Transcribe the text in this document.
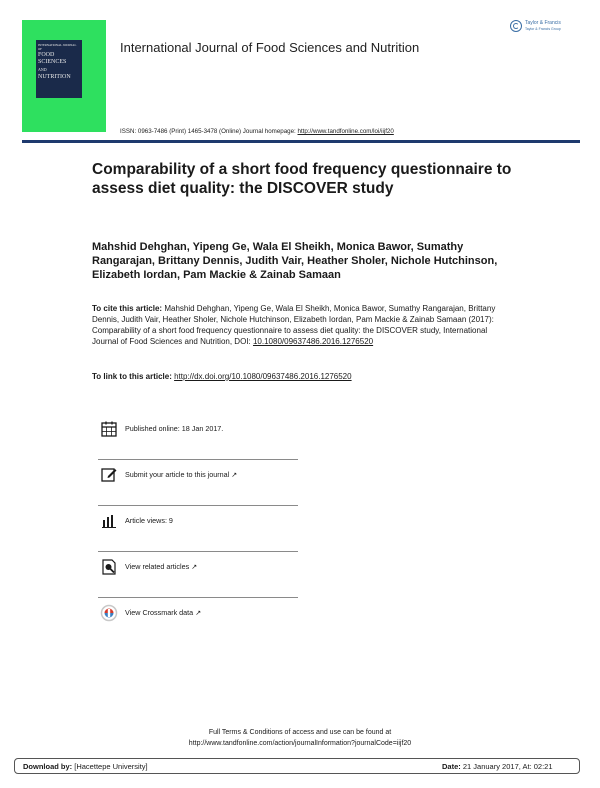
INTERNATIONAL JOURNAL OF
FOOD
SCIENCES
AND
NUTRITION
International Journal of Food Sciences and Nutrition
Taylor & Francis
Taylor & Francis Group
ISSN: 0963-7486 (Print) 1465-3478 (Online) Journal homepage: http://www.tandfonline.com/loi/iijf20
Comparability of a short food frequency questionnaire to assess diet quality: the DISCOVER study
Mahshid Dehghan, Yipeng Ge, Wala El Sheikh, Monica Bawor, Sumathy Rangarajan, Brittany Dennis, Judith Vair, Heather Sholer, Nichole Hutchinson, Elizabeth Iordan, Pam Mackie & Zainab Samaan
To cite this article: Mahshid Dehghan, Yipeng Ge, Wala El Sheikh, Monica Bawor, Sumathy Rangarajan, Brittany Dennis, Judith Vair, Heather Sholer, Nichole Hutchinson, Elizabeth Iordan, Pam Mackie & Zainab Samaan (2017): Comparability of a short food frequency questionnaire to assess diet quality: the DISCOVER study, International Journal of Food Sciences and Nutrition, DOI: 10.1080/09637486.2016.1276520
To link to this article: http://dx.doi.org/10.1080/09637486.2016.1276520
Published online: 18 Jan 2017.
Submit your article to this journal ↗
Article views: 9
View related articles ↗
View Crossmark data ↗
Full Terms & Conditions of access and use can be found at
http://www.tandfonline.com/action/journalInformation?journalCode=iijf20
Download by: [Hacettepe University]	Date: 21 January 2017, At: 02:21
